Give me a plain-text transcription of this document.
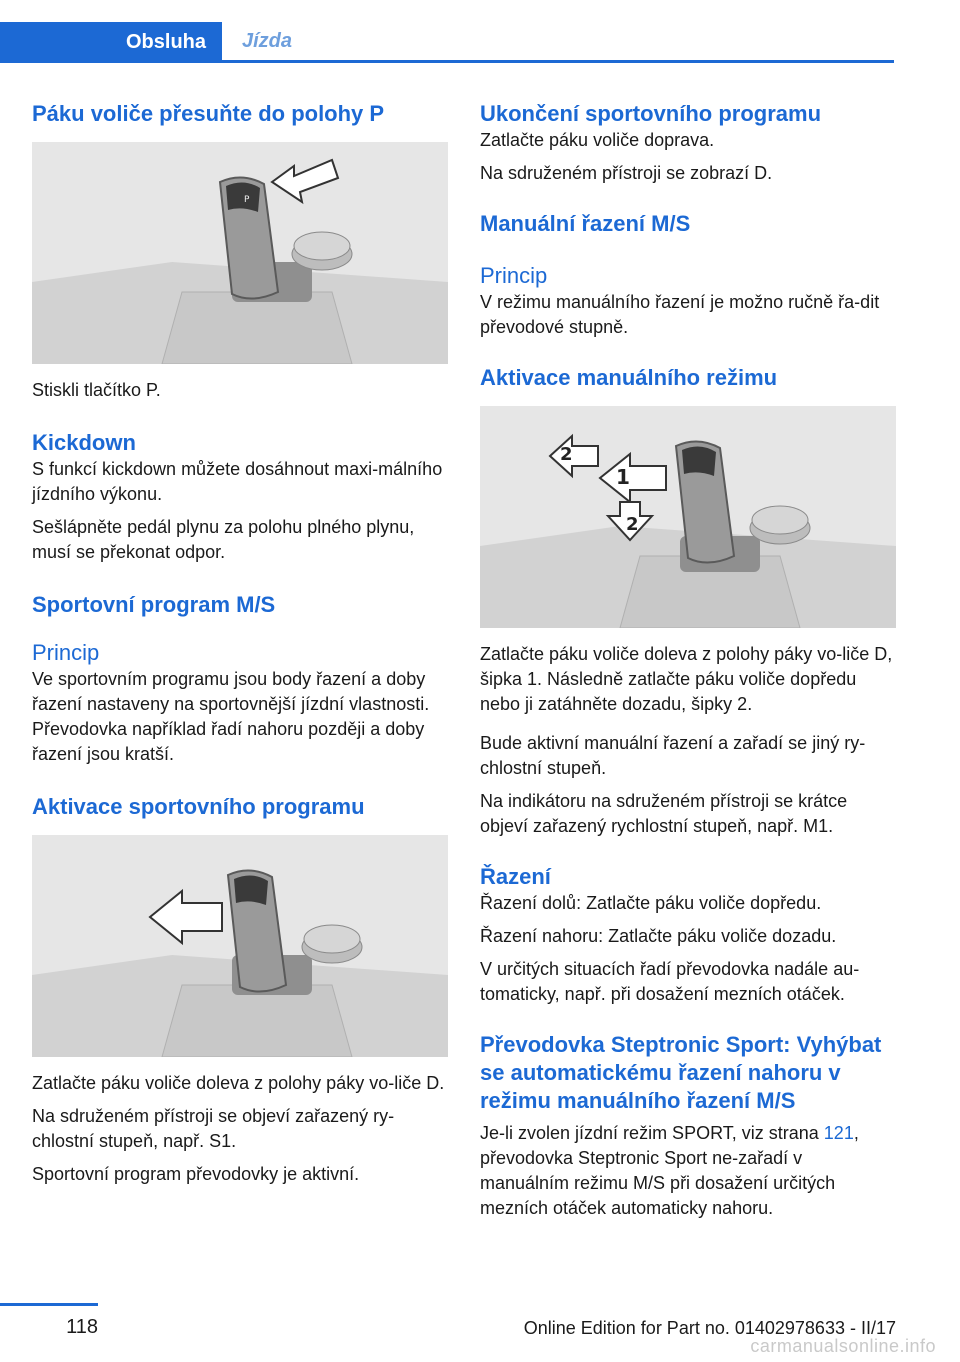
Obsluha	Jízda
Páku voliče přesuňte do polohy P
P

Stiskli tlačítko P.

Kickdown

S funkcí kickdown můžete dosáhnout maxi-málního jízdního výkonu.

Sešlápněte pedál plynu za polohu plného plynu, musí se překonat odpor.

Sportovní program M/S
Princip

Ve sportovním programu jsou body řazení a doby řazení nastaveny na sportovnější jízdní vlastnosti. Převodovka například řadí nahoru později a doby řazení jsou kratší.

Aktivace sportovního programu

Zatlačte páku voliče doleva z polohy páky vo-liče D.

Na sdruženém přístroji se objeví zařazený ry-chlostní stupeň, např. S1.

Sportovní program převodovky je aktivní.

Ukončení sportovního programu

Zatlačte páku voliče doprava.

Na sdruženém přístroji se zobrazí D.

Manuální řazení M/S
Princip

V režimu manuálního řazení je možno ručně řa-dit převodové stupně.

Aktivace manuálního režimu
1
2
2

Zatlačte páku voliče doleva z polohy páky vo-liče D, šipka 1. Následně zatlačte páku voliče dopředu nebo ji zatáhněte dozadu, šipky 2.

Bude aktivní manuální řazení a zařadí se jiný ry-chlostní stupeň.

Na indikátoru na sdruženém přístroji se krátce objeví zařazený rychlostní stupeň, např. M1.

Řazení

Řazení dolů: Zatlačte páku voliče dopředu.

Řazení nahoru: Zatlačte páku voliče dozadu.

V určitých situacích řadí převodovka nadále au-tomaticky, např. při dosažení mezních otáček.

Převodovka Steptronic Sport: Vyhýbat se automatickému řazení nahoru v režimu manuálního řazení M/S

Je-li zvolen jízdní režim SPORT, viz strana 121, převodovka Steptronic Sport ne-zařadí v manuálním režimu M/S při dosažení určitých mezních otáček automaticky nahoru.

118	Online Edition for Part no. 01402978633 - II/17
carmanualsonline.info
